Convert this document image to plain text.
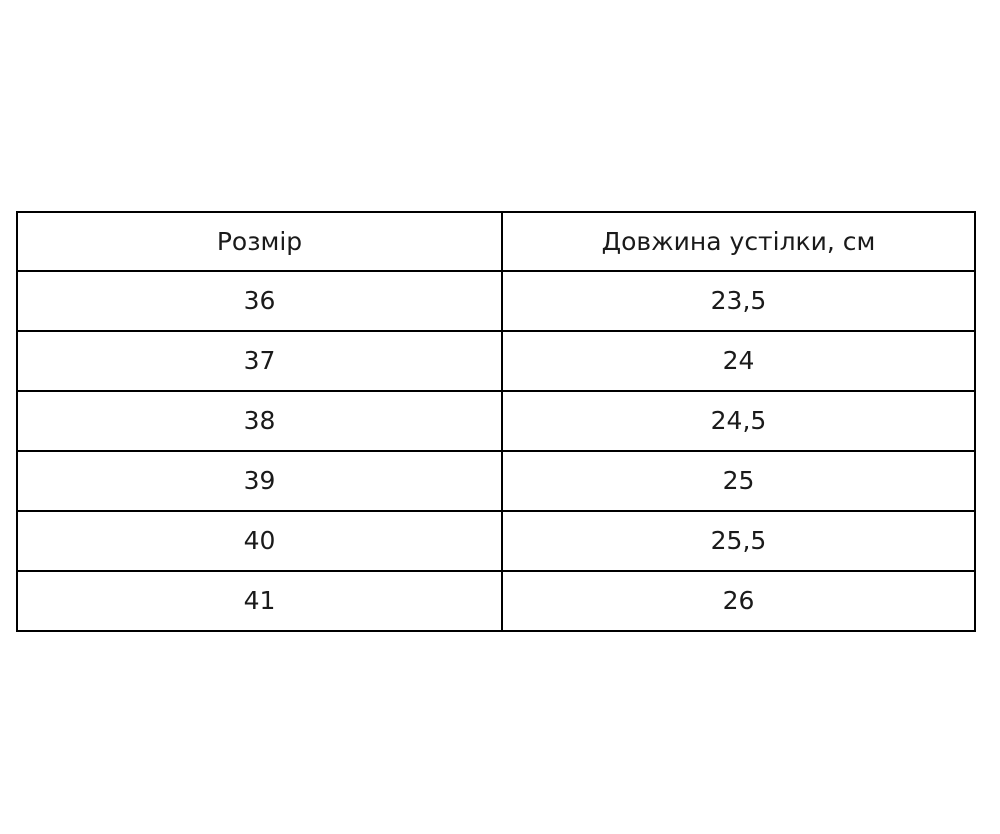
Розмір	Довжина устілки, см
36	23,5
37	24
38	24,5
39	25
40	25,5
41	26
